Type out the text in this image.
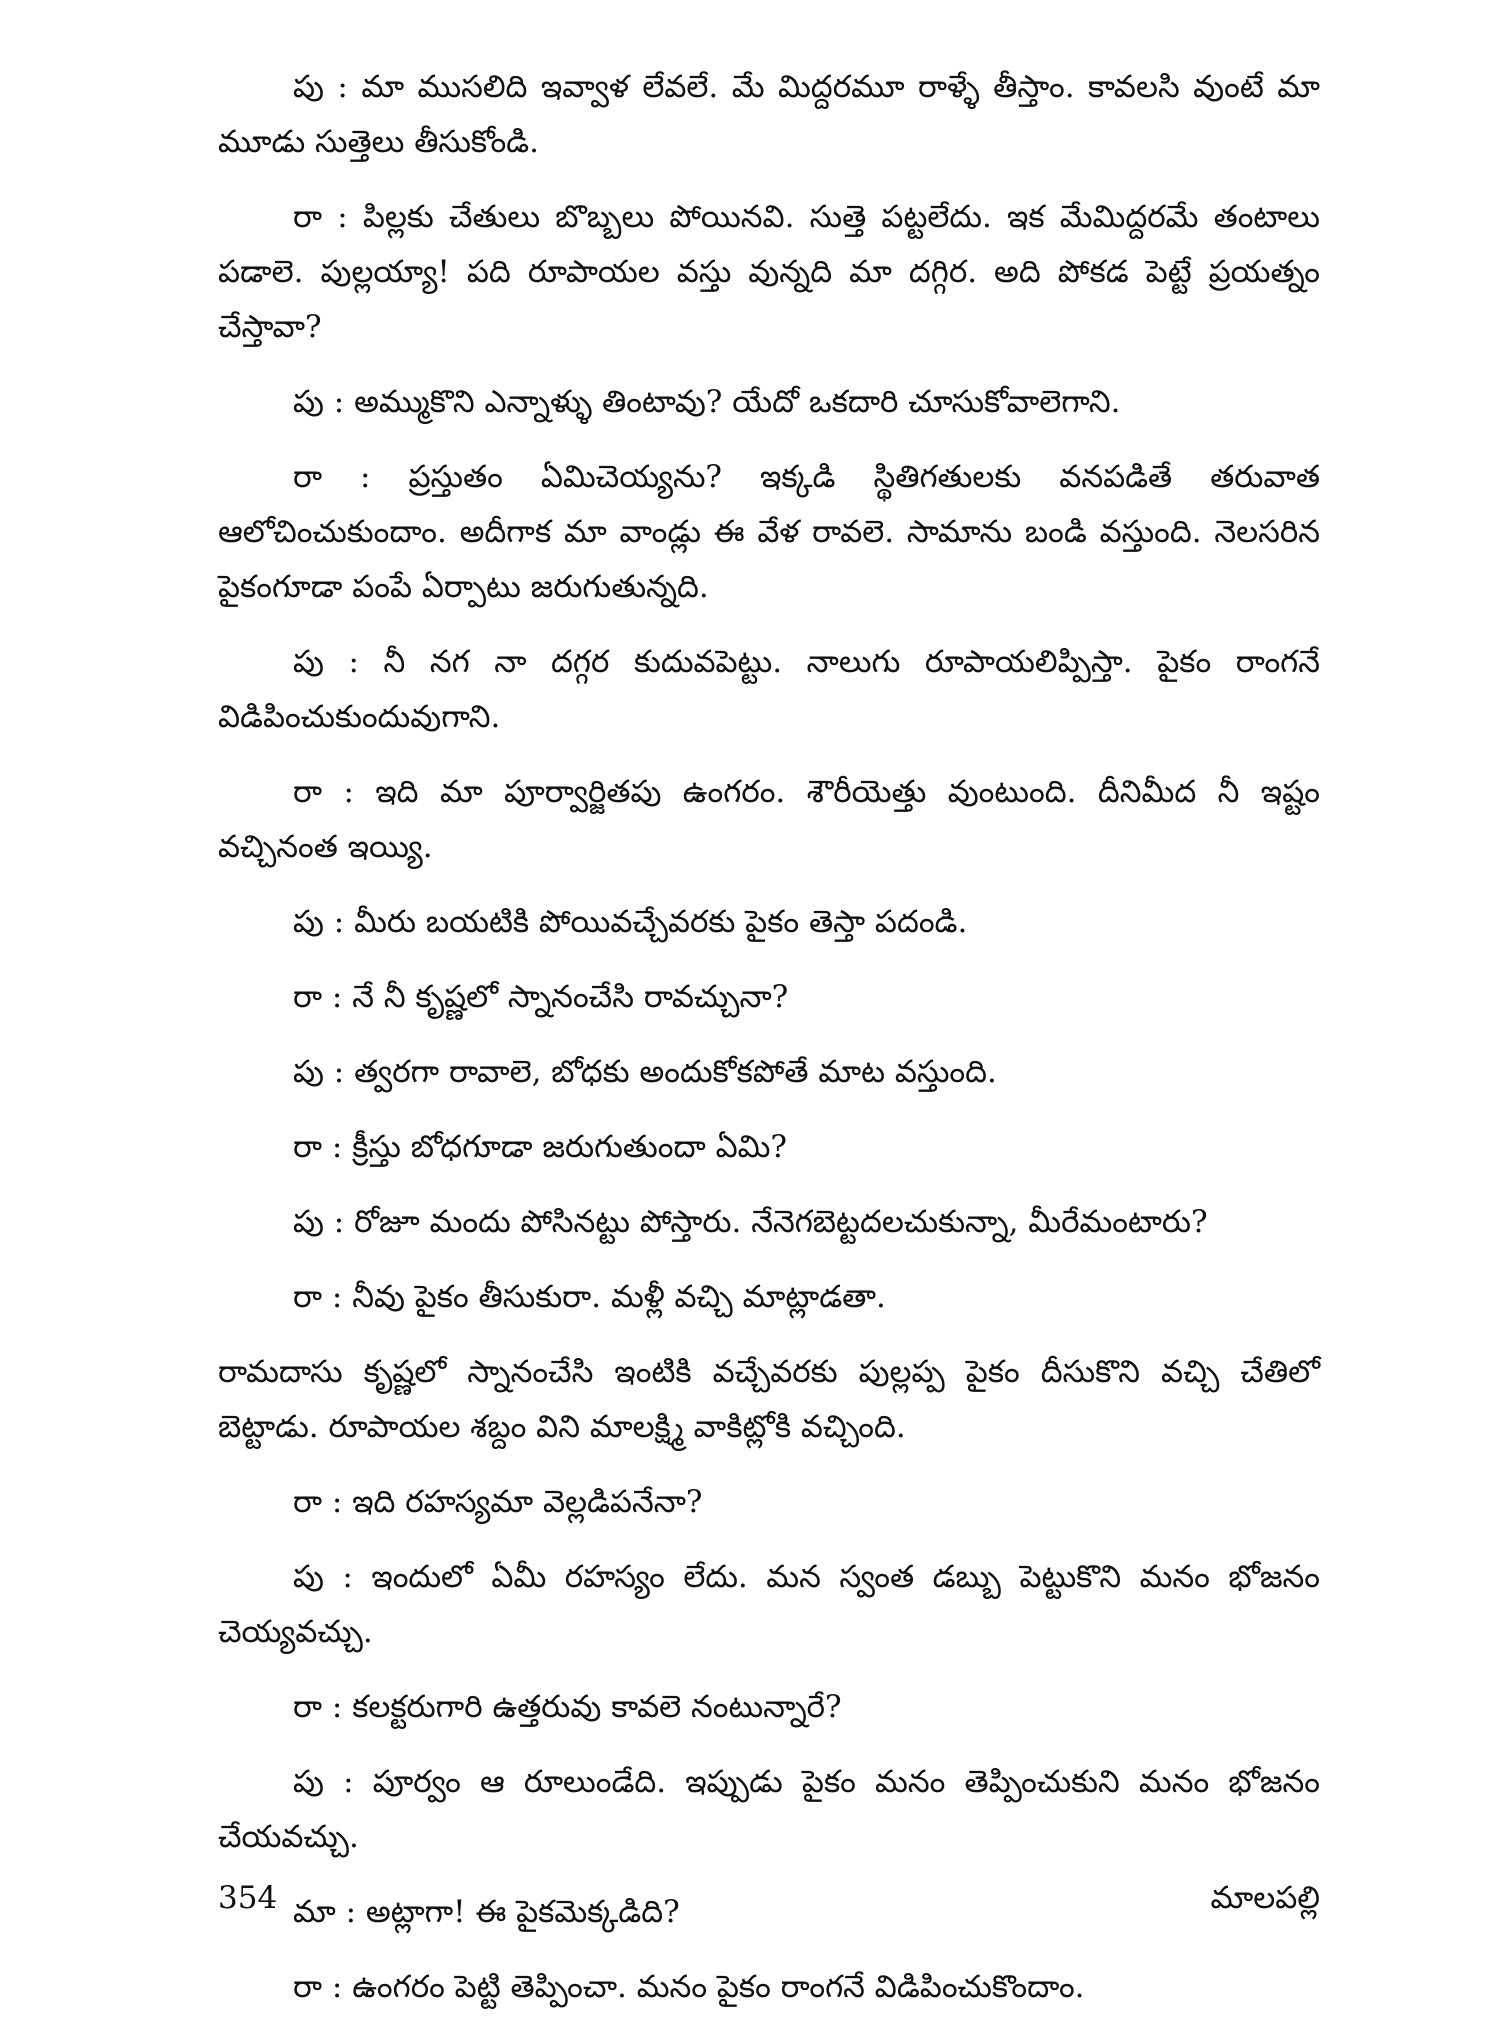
పు : మా ముసలిది ఇవ్వాళ లేవలే. మే మిద్దరమూ రాళ్ళే తీస్తాం. కావలసి వుంటే మా మూడు సుత్తెలు తీసుకోండి.

రా : పిల్లకు చేతులు బొబ్బలు పోయినవి. సుత్తె పట్టలేదు. ఇక మేమిద్దరమే తంటాలు పడాలె. పుల్లయ్యా! పది రూపాయల వస్తు వున్నది మా దగ్గిర. అది పోకడ పెట్టే ప్రయత్నం చేస్తావా?

పు : అమ్ముకొని ఎన్నాళ్ళు తింటావు? యేదో ఒకదారి చూసుకోవాలెగాని.

రా : ప్రస్తుతం ఏమిచెయ్యను? ఇక్కడి స్థితిగతులకు వనపడితే తరువాత ఆలోచించుకుందాం. అదీగాక మా వాండ్లు ఈ వేళ రావలె. సామాను బండి వస్తుంది. నెలసరిన పైకంగూడా పంపే ఏర్పాటు జరుగుతున్నది.

పు : నీ నగ నా దగ్గర కుదువపెట్టు. నాలుగు రూపాయలిప్పిస్తా. పైకం రాంగనే విడిపించుకుందువుగాని.

రా : ఇది మా పూర్వార్జితపు ఉంగరం. శౌరీయెత్తు వుంటుంది. దీనిమీద నీ ఇష్టం వచ్చినంత ఇయ్యి.

పు : మీరు బయటికి పోయివచ్చేవరకు పైకం తెస్తా పదండి.

రా : నే నీ కృష్ణలో స్నానంచేసి రావచ్చునా?

పు : త్వరగా రావాలె, బోధకు అందుకోకపోతే మాట వస్తుంది.

రా : క్రీస్తు బోధగూడా జరుగుతుందా ఏమి?

పు : రోజూ మందు పోసినట్టు పోస్తారు. నేనెగబెట్టదలచుకున్నా, మీరేమంటారు?

రా : నీవు పైకం తీసుకురా. మళ్లీ వచ్చి మాట్లాడతా.

రామదాసు కృష్ణలో స్నానంచేసి ఇంటికి వచ్చేవరకు పుల్లప్ప పైకం దీసుకొని వచ్చి చేతిలో బెట్టాడు. రూపాయల శబ్దం విని మాలక్ష్మి వాకిట్లోకి వచ్చింది.

రా : ఇది రహస్యమా వెల్లడిపనేనా?

పు : ఇందులో ఏమీ రహస్యం లేదు. మన స్వంత డబ్బు పెట్టుకొని మనం భోజనం చెయ్యవచ్చు.

రా : కలక్టరుగారి ఉత్తరువు కావలె నంటున్నారే?

పు : పూర్వం ఆ రూలుండేది. ఇప్పుడు పైకం మనం తెప్పించుకుని మనం భోజనం చేయవచ్చు.

మా : అట్లాగా! ఈ పైకమెక్కడిది?

రా : ఉంగరం పెట్టి తెప్పించా. మనం పైకం రాంగనే విడిపించుకొందాం.

354	మాలపల్లి
